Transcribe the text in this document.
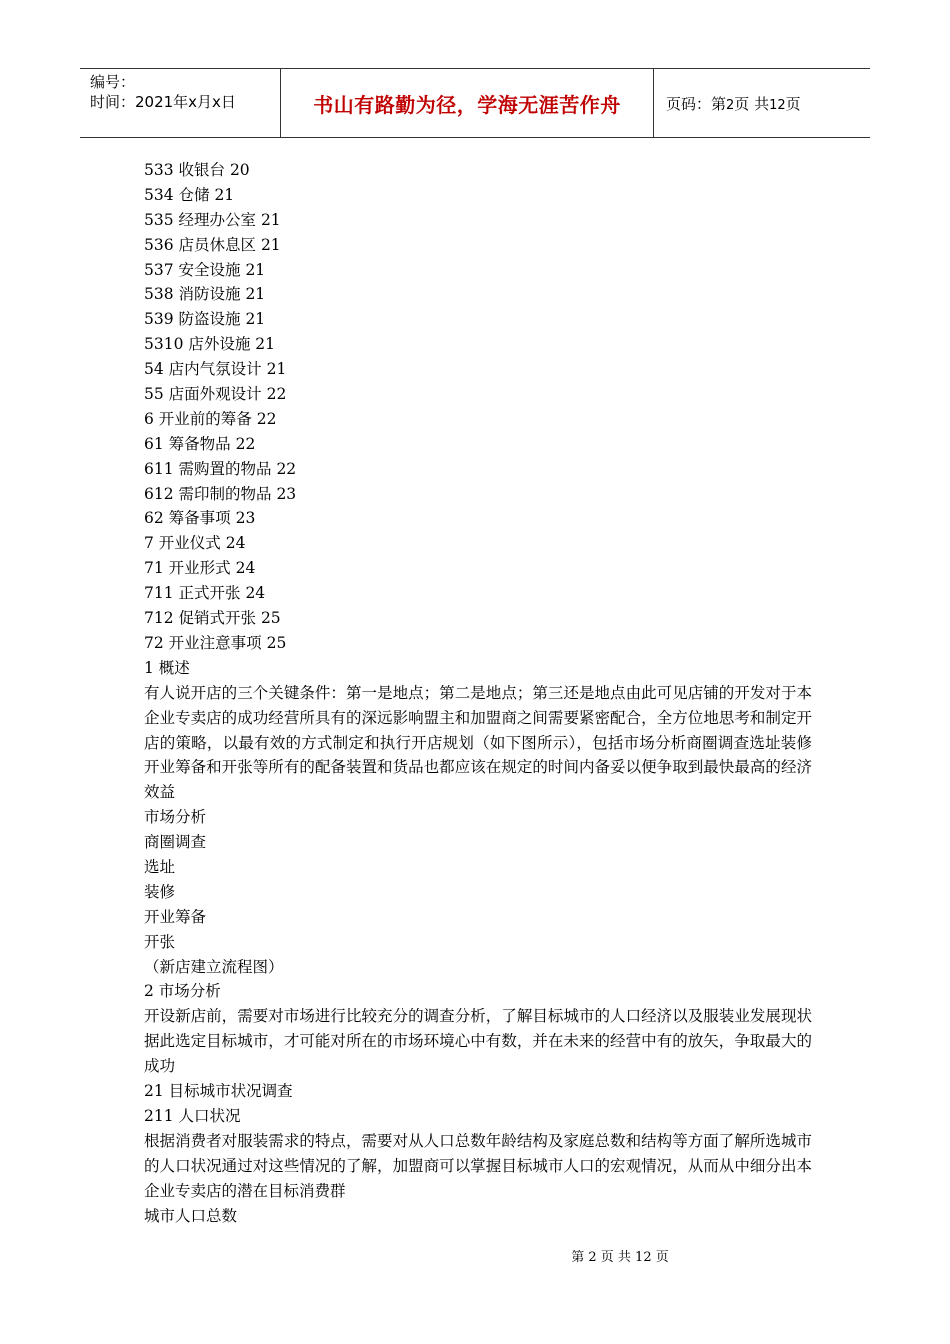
编号：
时间：2021年x月x日	书山有路勤为径，学海无涯苦作舟	页码：第2页 共12页
533 收银台 20
534 仓储 21
535 经理办公室 21
536 店员休息区 21
537 安全设施 21
538 消防设施 21
539 防盗设施 21
5310 店外设施 21
54 店内气氛设计 21
55 店面外观设计 22
6 开业前的筹备 22
61 筹备物品 22
611 需购置的物品 22
612 需印制的物品 23
62 筹备事项 23
7 开业仪式 24
71 开业形式 24
711 正式开张 24
712 促销式开张 25
72 开业注意事项 25
1 概述
有人说开店的三个关键条件：第一是地点；第二是地点；第三还是地点由此可见店铺的开发对于本企业专卖店的成功经营所具有的深远影响盟主和加盟商之间需要紧密配合，全方位地思考和制定开店的策略，以最有效的方式制定和执行开店规划（如下图所示），包括市场分析商圈调查选址装修开业筹备和开张等所有的配备装置和货品也都应该在规定的时间内备妥以便争取到最快最高的经济效益
市场分析
商圈调查
选址
装修
开业筹备
开张
（新店建立流程图）
2 市场分析
开设新店前，需要对市场进行比较充分的调查分析，了解目标城市的人口经济以及服装业发展现状据此选定目标城市，才可能对所在的市场环境心中有数，并在未来的经营中有的放矢，争取最大的成功
21 目标城市状况调查
211 人口状况
根据消费者对服装需求的特点，需要对从人口总数年龄结构及家庭总数和结构等方面了解所选城市的人口状况通过对这些情况的了解，加盟商可以掌握目标城市人口的宏观情况，从而从中细分出本企业专卖店的潜在目标消费群
城市人口总数
第 2 页 共 12 页
